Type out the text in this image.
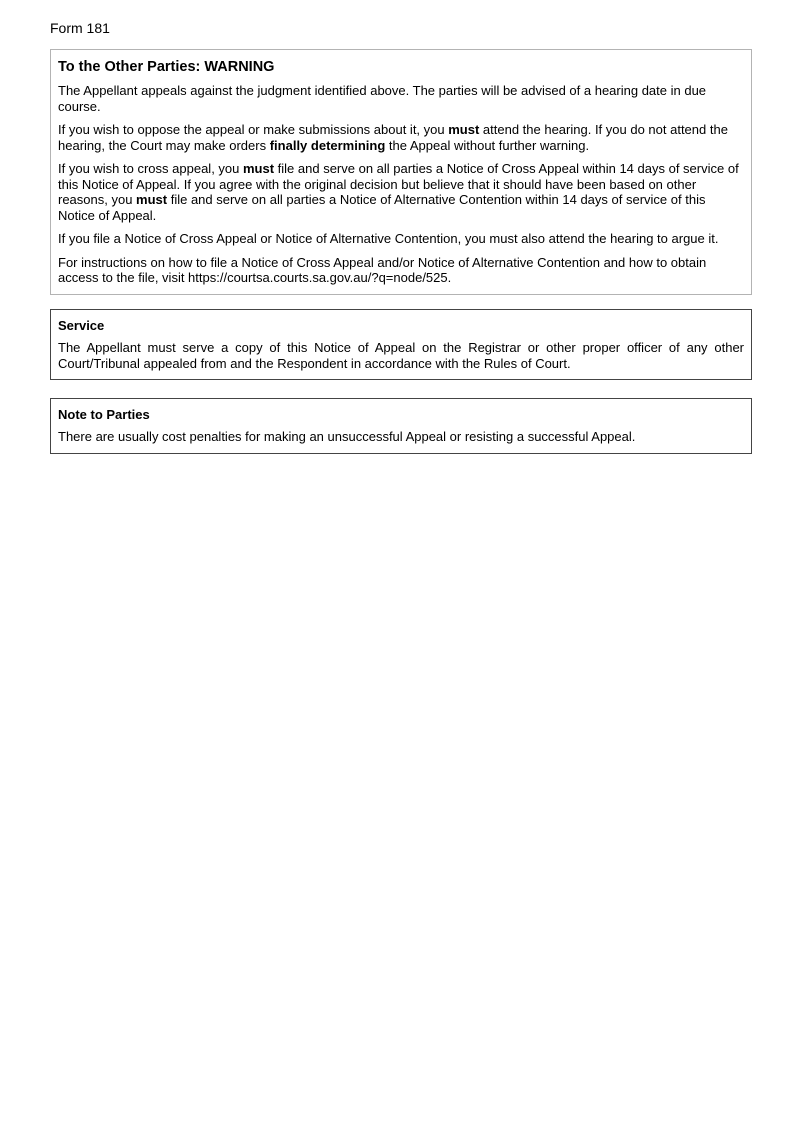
Form 181
To the Other Parties: WARNING

The Appellant appeals against the judgment identified above. The parties will be advised of a hearing date in due course.

If you wish to oppose the appeal or make submissions about it, you must attend the hearing. If you do not attend the hearing, the Court may make orders finally determining the Appeal without further warning.

If you wish to cross appeal, you must file and serve on all parties a Notice of Cross Appeal within 14 days of service of this Notice of Appeal. If you agree with the original decision but believe that it should have been based on other reasons, you must file and serve on all parties a Notice of Alternative Contention within 14 days of service of this Notice of Appeal.

If you file a Notice of Cross Appeal or Notice of Alternative Contention, you must also attend the hearing to argue it.

For instructions on how to file a Notice of Cross Appeal and/or Notice of Alternative Contention and how to obtain access to the file, visit https://courtsa.courts.sa.gov.au/?q=node/525.

Service

The Appellant must serve a copy of this Notice of Appeal on the Registrar or other proper officer of any other Court/Tribunal appealed from and the Respondent in accordance with the Rules of Court.

Note to Parties

There are usually cost penalties for making an unsuccessful Appeal or resisting a successful Appeal.
